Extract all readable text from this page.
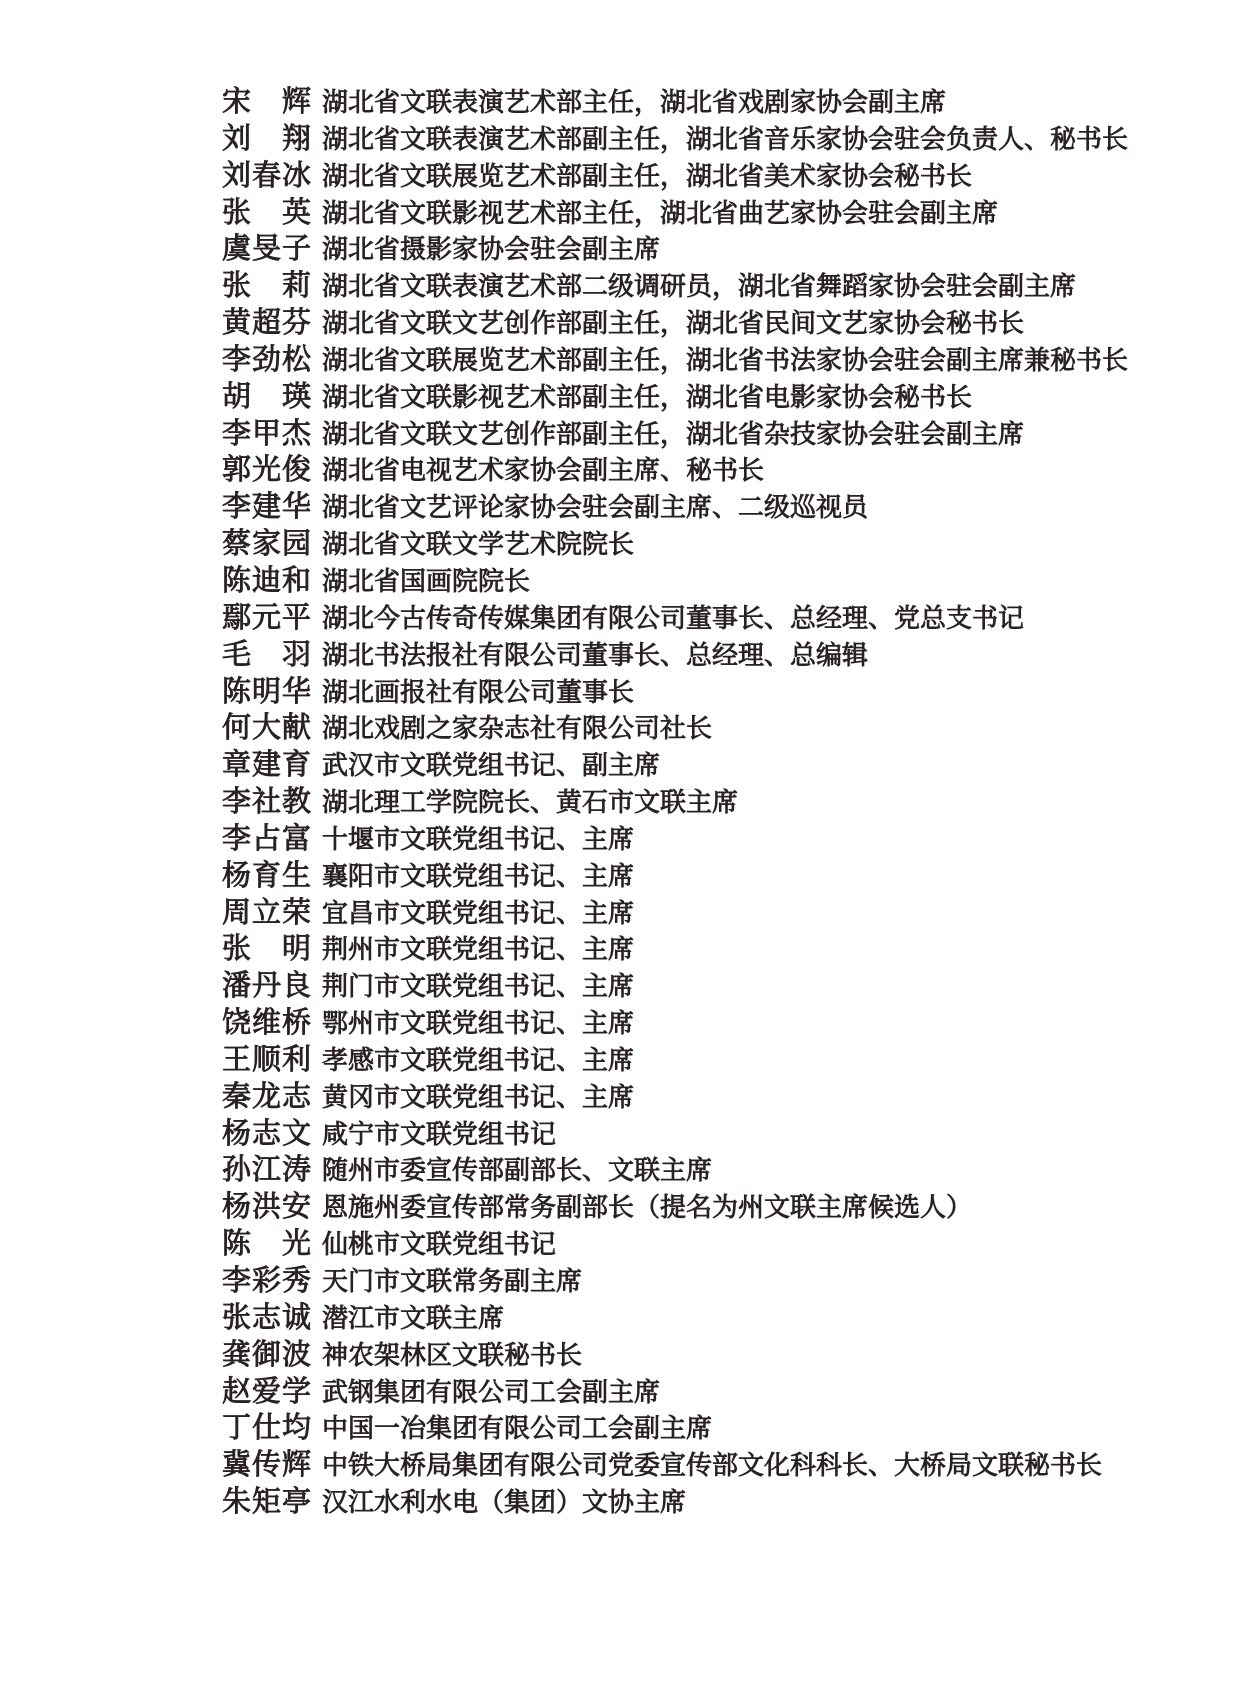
宋　辉 湖北省文联表演艺术部主任，湖北省戏剧家协会副主席
刘　翔 湖北省文联表演艺术部副主任，湖北省音乐家协会驻会负责人、秘书长
刘春冰 湖北省文联展览艺术部副主任，湖北省美术家协会秘书长
张　英 湖北省文联影视艺术部主任，湖北省曲艺家协会驻会副主席
虞旻子 湖北省摄影家协会驻会副主席
张　莉 湖北省文联表演艺术部二级调研员，湖北省舞蹈家协会驻会副主席
黄超芬 湖北省文联文艺创作部副主任，湖北省民间文艺家协会秘书长
李劲松 湖北省文联展览艺术部副主任，湖北省书法家协会驻会副主席兼秘书长
胡　瑛 湖北省文联影视艺术部副主任，湖北省电影家协会秘书长
李甲杰 湖北省文联文艺创作部副主任，湖北省杂技家协会驻会副主席
郭光俊 湖北省电视艺术家协会副主席、秘书长
李建华 湖北省文艺评论家协会驻会副主席、二级巡视员
蔡家园 湖北省文联文学艺术院院长
陈迪和 湖北省国画院院长
鄢元平 湖北今古传奇传媒集团有限公司董事长、总经理、党总支书记
毛　羽 湖北书法报社有限公司董事长、总经理、总编辑
陈明华 湖北画报社有限公司董事长
何大献 湖北戏剧之家杂志社有限公司社长
章建育 武汉市文联党组书记、副主席
李社教 湖北理工学院院长、黄石市文联主席
李占富 十堰市文联党组书记、主席
杨育生 襄阳市文联党组书记、主席
周立荣 宜昌市文联党组书记、主席
张　明 荆州市文联党组书记、主席
潘丹良 荆门市文联党组书记、主席
饶维桥 鄂州市文联党组书记、主席
王顺利 孝感市文联党组书记、主席
秦龙志 黄冈市文联党组书记、主席
杨志文 咸宁市文联党组书记
孙江涛 随州市委宣传部副部长、文联主席
杨洪安 恩施州委宣传部常务副部长（提名为州文联主席候选人）
陈　光 仙桃市文联党组书记
李彩秀 天门市文联常务副主席
张志诚 潜江市文联主席
龚御波 神农架林区文联秘书长
赵爱学 武钢集团有限公司工会副主席
丁仕均 中国一冶集团有限公司工会副主席
冀传辉 中铁大桥局集团有限公司党委宣传部文化科科长、大桥局文联秘书长
朱矩亭 汉江水利水电（集团）文协主席
